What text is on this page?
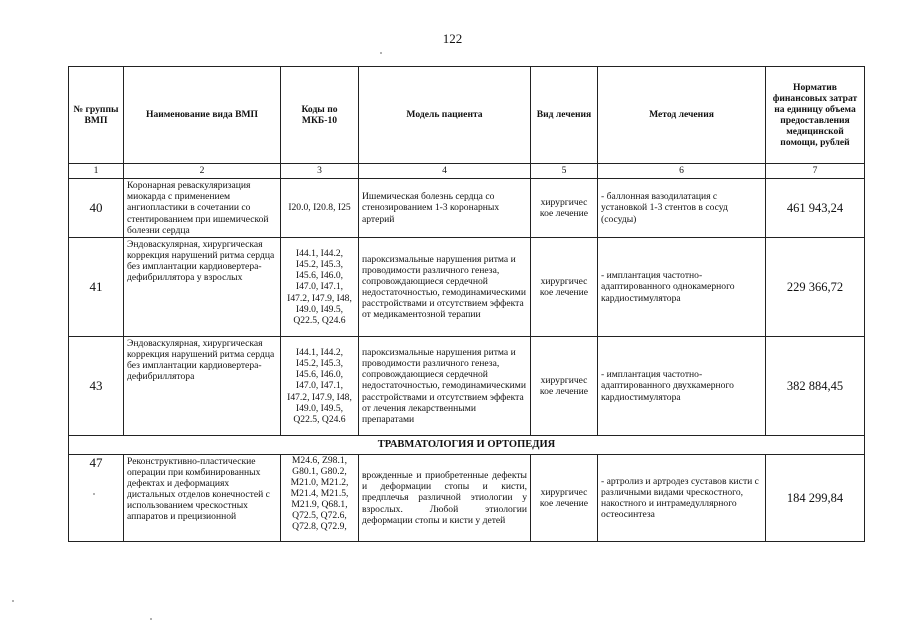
122
№ группы ВМП	Наименование вида ВМП	Коды по МКБ-10	Модель пациента	Вид лечения	Метод лечения	Норматив финансовых затрат на единицу объема предоставления медицинской помощи, рублей
1	2	3	4	5	6	7
40	Коронарная реваскуляризация миокарда с применением ангиопластики в сочетании со стентированием при ишемической болезни сердца	I20.0, I20.8, I25	Ишемическая болезнь сердца со стенозированием 1-3 коронарных артерий	хирургичес кое лечение	- баллонная вазодилатация с установкой 1-3 стентов в сосуд (сосуды)	461 943,24
41	Эндоваскулярная, хирургическая коррекция нарушений ритма сердца без имплантации кардиовертера-дефибриллятора у взрослых	I44.1, I44.2, I45.2, I45.3, I45.6, I46.0, I47.0, I47.1, I47.2, I47.9, I48, I49.0, I49.5, Q22.5, Q24.6	пароксизмальные нарушения ритма и проводимости различного генеза, сопровождающиеся сердечной недостаточностью, гемодинамическими расстройствами и отсутствием эффекта от медикаментозной терапии	хирургичес кое лечение	- имплантация частотно-адаптированного однокамерного кардиостимулятора	229 366,72
43	Эндоваскулярная, хирургическая коррекция нарушений ритма сердца без имплантации кардиовертера-дефибриллятора	I44.1, I44.2, I45.2, I45.3, I45.6, I46.0, I47.0, I47.1, I47.2, I47.9, I48, I49.0, I49.5, Q22.5, Q24.6	пароксизмальные нарушения ритма и проводимости различного генеза, сопровождающиеся сердечной недостаточностью, гемодинамическими расстройствами и отсутствием эффекта от лечения лекарственными препаратами	хирургичес кое лечение	- имплантация частотно-адаптированного двухкамерного кардиостимулятора	382 884,45
ТРАВМАТОЛОГИЯ И ОРТОПЕДИЯ						
47	Реконструктивно-пластические операции при комбинированных дефектах и деформациях дистальных отделов конечностей с использованием чрескостных аппаратов и прецизионной	M24.6, Z98.1, G80.1, G80.2, M21.0, M21.2, M21.4, M21.5, M21.9, Q68.1, Q72.5, Q72.6, Q72.8, Q72.9,	врожденные и приобретенные дефекты и деформации стопы и кисти, предплечья различной этиологии у взрослых. Любой этиологии деформации стопы и кисти у детей	хирургичес кое лечение	- артролиз и артродез суставов кисти с различными видами чрескостного, накостного и интрамедуллярного остеосинтеза	184 299,84
